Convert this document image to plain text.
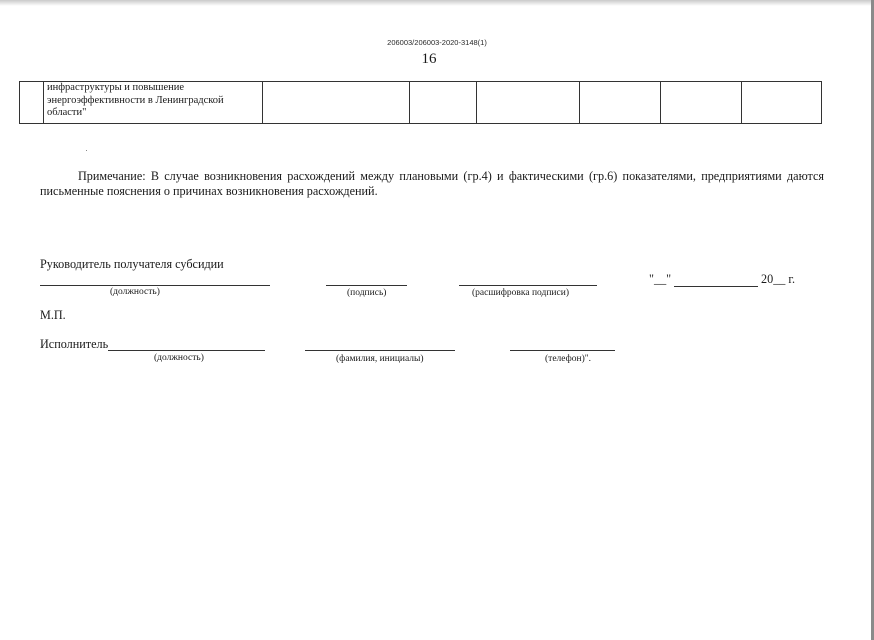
206003/206003-2020-3148(1)
16

инфраструктуры и повышение
энергоэффективности в Ленинградской
области"

Примечание: В случае возникновения расхождений между плановыми (гр.4) и фактическими (гр.6) показателями, предприятиями даются
письменные пояснения о причинах возникновения расхождений.
Руководитель получателя субсидии
(должность)	(подпись)	(расшифровка подписи)
"__"	20__ г.
М.П.
Исполнитель
(должность)	(фамилия, инициалы)	(телефон)".
